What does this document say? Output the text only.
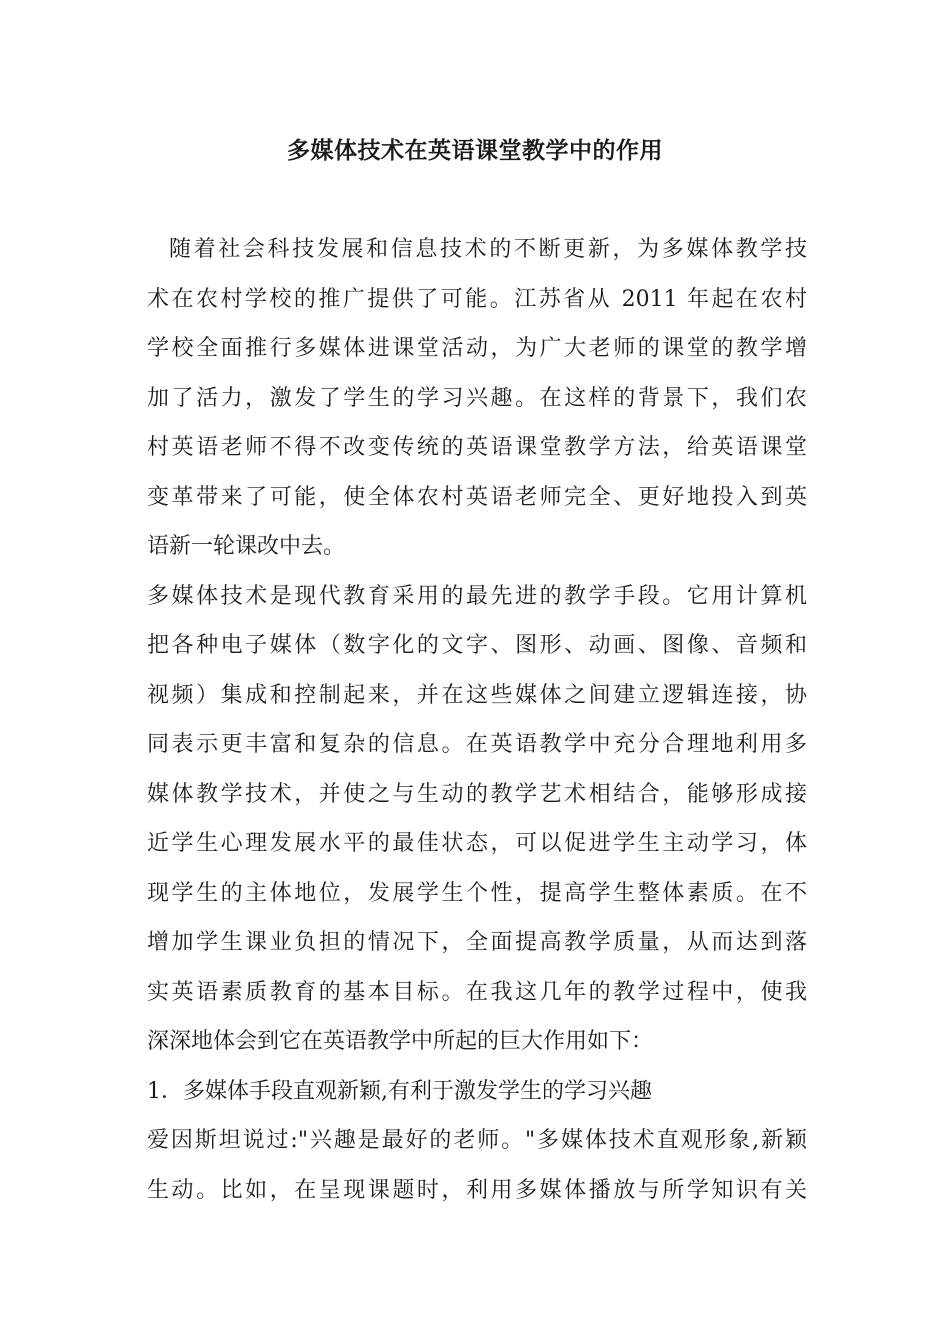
多媒体技术在英语课堂教学中的作用
随着社会科技发展和信息技术的不断更新，为多媒体教学技
术在农村学校的推广提供了可能。江苏省从 2011 年起在农村
学校全面推行多媒体进课堂活动，为广大老师的课堂的教学增
加了活力，激发了学生的学习兴趣。在这样的背景下，我们农
村英语老师不得不改变传统的英语课堂教学方法，给英语课堂
变革带来了可能，使全体农村英语老师完全、更好地投入到英
语新一轮课改中去。
多媒体技术是现代教育采用的最先进的教学手段。它用计算机
把各种电子媒体（数字化的文字、图形、动画、图像、音频和
视频）集成和控制起来，并在这些媒体之间建立逻辑连接，协
同表示更丰富和复杂的信息。在英语教学中充分合理地利用多
媒体教学技术，并使之与生动的教学艺术相结合，能够形成接
近学生心理发展水平的最佳状态，可以促进学生主动学习，体
现学生的主体地位，发展学生个性，提高学生整体素质。在不
增加学生课业负担的情况下，全面提高教学质量，从而达到落
实英语素质教育的基本目标。在我这几年的教学过程中，使我
深深地体会到它在英语教学中所起的巨大作用如下：
1．多媒体手段直观新颖,有利于激发学生的学习兴趣
爱因斯坦说过:"兴趣是最好的老师。"多媒体技术直观形象,新颖
生动。比如，在呈现课题时，利用多媒体播放与所学知识有关
